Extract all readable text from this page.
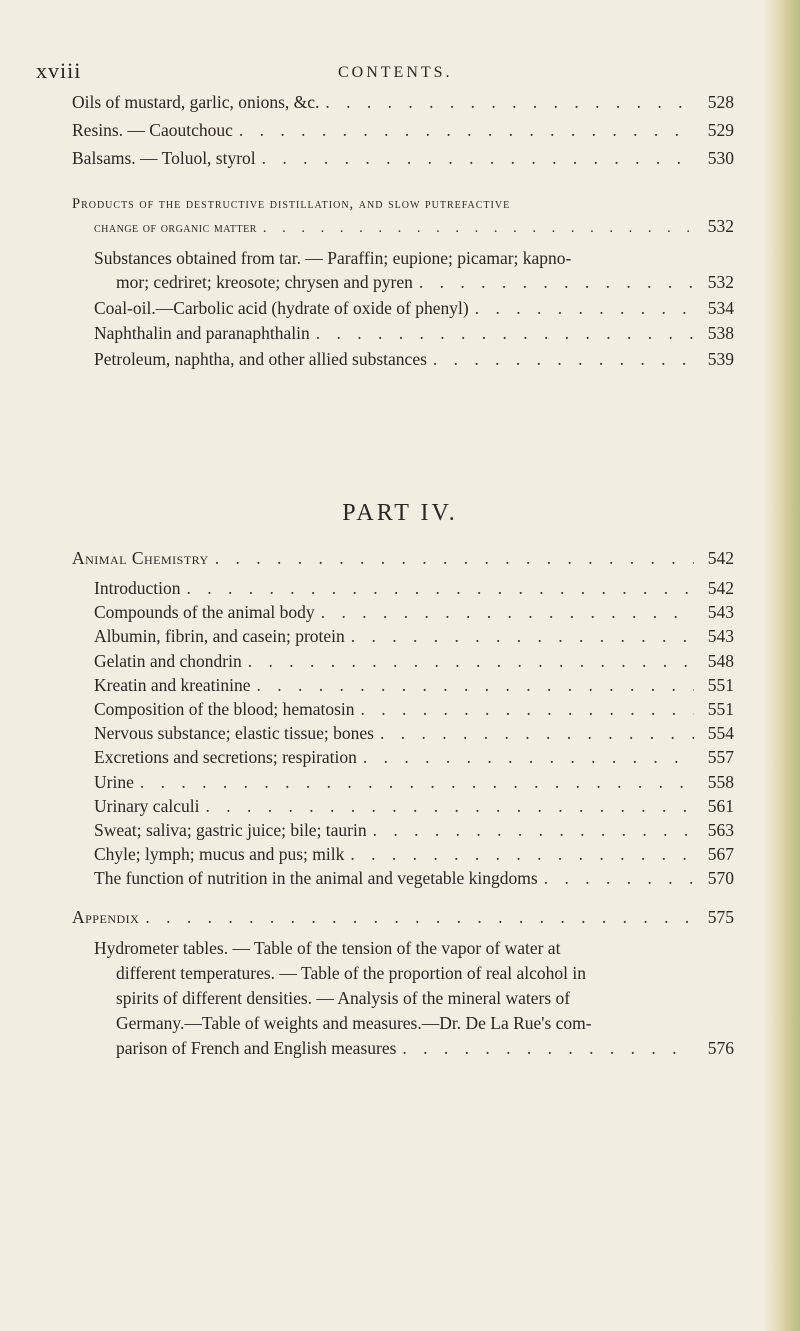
xviii	CONTENTS.
Oils of mustard, garlic, onions, &c. . . .	528
Resins. — Caoutchouc . . .	529
Balsams. — Toluol, styrol . . .	530
Products of the destructive distillation, and slow putrefactive
change of organic matter . . .	532
Substances obtained from tar. — Paraffin; eupione; picamar; kapno-
mor; cedriret; kreosote; chrysen and pyren . . .	532
Coal-oil.—Carbolic acid (hydrate of oxide of phenyl) . . .	534
Naphthalin and paranaphthalin . . .	538
Petroleum, naphtha, and other allied substances . . .	539
PART IV.
Animal Chemistry . . .	542
Introduction . . .	542
Compounds of the animal body . . .	543
Albumin, fibrin, and casein; protein . . .	543
Gelatin and chondrin . . .	548
Kreatin and kreatinine . . .	551
Composition of the blood; hematosin . . .	551
Nervous substance; elastic tissue; bones . . .	554
Excretions and secretions; respiration . . .	557
Urine . . .	558
Urinary calculi . . .	561
Sweat; saliva; gastric juice; bile; taurin . . .	563
Chyle; lymph; mucus and pus; milk . . .	567
The function of nutrition in the animal and vegetable kingdoms . . .	570
Appendix . . .	575
Hydrometer tables. — Table of the tension of the vapor of water at
different temperatures. — Table of the proportion of real alcohol in
spirits of different densities. — Analysis of the mineral waters of
Germany.—Table of weights and measures.—Dr. De La Rue's com-
parison of French and English measures . . .	576
